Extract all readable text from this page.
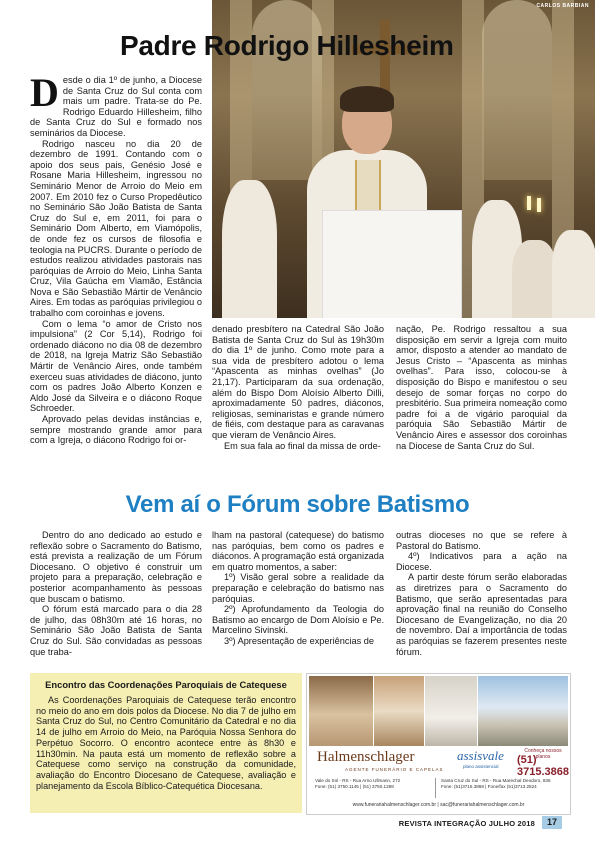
CARLOS BARBIAN
Padre Rodrigo Hillesheim
D esde o dia 1º de junho, a Diocese de Santa Cruz do Sul conta com mais um padre. Trata-se do Pe. Rodrigo Eduardo Hillesheim, filho de Santa Cruz do Sul e formado nos seminários da Diocese.

Rodrigo nasceu no dia 20 de dezembro de 1991. Contando com o apoio dos seus pais, Genésio José e Rosane Maria Hillesheim, ingressou no Seminário Menor de Arroio do Meio em 2007. Em 2010 fez o Curso Propedêutico no Seminário São João Batista de Santa Cruz do Sul e, em 2011, foi para o Seminário Dom Alberto, em Viamópolis, de onde fez os cursos de filosofia e teologia na PUCRS. Durante o período de estudos realizou atividades pastorais nas paróquias de Arroio do Meio, Linha Santa Cruz, Vila Gaúcha em Viamão, Estância Nova e São Sebastião Mártir de Venâncio Aires. Em todas as paróquias privilegiou o trabalho com coroinhas e jovens.

Com o lema “o amor de Cristo nos impulsiona” (2 Cor 5,14), Rodrigo foi ordenado diácono no dia 08 de dezembro de 2018, na Igreja Matriz São Sebastião Mártir de Venâncio Aires, onde também exerceu suas atividades de diácono, junto com os padres João Alberto Konzen e Aldo José da Silveira e o diácono Roque Schroeder.

Aprovado pelas devidas instâncias e, sempre mostrando grande amor para com a Igreja, o diácono Rodrigo foi or-

denado presbítero na Catedral São João Batista de Santa Cruz do Sul às 19h30m do dia 1º de junho. Como mote para a sua vida de presbítero adotou o lema “Apascenta as minhas ovelhas” (Jo 21,17). Participaram da sua ordenação, além do Bispo Dom Aloísio Alberto Dilli, aproximadamente 50 padres, diáconos, religiosas, seminaristas e grande número de fiéis, com destaque para as caravanas que vieram de Venâncio Aires.

Em sua fala ao final da missa de orde-

nação, Pe. Rodrigo ressaltou a sua disposição em servir a Igreja com muito amor, disposto a atender ao mandato de Jesus Cristo – “Apascenta as minhas ovelhas”. Para isso, colocou-se à disposição do Bispo e manifestou o seu desejo de somar forças no corpo do presbitério. Sua primeira nomeação como padre foi a de vigário paroquial da paróquia São Sebastião Mártir de Venâncio Aires e assessor dos coroinhas na Diocese de Santa Cruz do Sul.

Vem aí o Fórum sobre Batismo

Dentro do ano dedicado ao estudo e reflexão sobre o Sacramento do Batismo, está prevista a realização de um Fórum Diocesano. O objetivo é construir um projeto para a preparação, celebração e posterior acompanhamento às pessoas que buscam o batismo.

O fórum está marcado para o dia 28 de julho, das 08h30m até 16 horas, no Seminário São João Batista de Santa Cruz do Sul. São convidadas as pessoas que traba-

lham na pastoral (catequese) do batismo nas paróquias, bem como os padres e diáconos. A programação está organizada em quatro momentos, a saber:

1º) Visão geral sobre a realidade da preparação e celebração do batismo nas paróquias.

2º) Aprofundamento da Teologia do Batismo ao encargo de Dom Aloísio e Pe. Marcelino Sivinski.

3º) Apresentação de experiências de

outras dioceses no que se refere à Pastoral do Batismo.

4º) Indicativos para a ação na Diocese.

A partir deste fórum serão elaboradas as diretrizes para o Sacramento do Batismo, que serão apresentadas para aprovação final na reunião do Conselho Diocesano de Evangelização, no dia 20 de novembro. Daí a importância de todas as paróquias se fazerem presentes neste fórum.

Encontro das Coordenações Paroquiais de Catequese

As Coordenações Paroquiais de Catequese terão encontro no meio do ano em dois polos da Diocese. No dia 7 de julho em Santa Cruz do Sul, no Centro Comunitário da Catedral e no dia 14 de julho em Arroio do Meio, na Paróquia Nossa Senhora do Perpétuo Socorro. O encontro acontece entre às 8h30 e 11h30min. Na pauta está um momento de reflexão sobre a Catequese como serviço na construção da comunidade, avaliação do Encontro Diocesano de Catequese, avaliação e planejamento da Escola Bíblico-Catequética Diocesana.

Halmenschlager
AGENTE FUNERÁRIO E CAPELAS
assisvale
plano assistencial
Conheça nossos planos
(51) 3715.3868
Vale do Sol - RS - Rua Arno Ullmann, 272
Fone: (51) 3750.1145 | (51) 3750.1288
Santa Cruz do Sul - RS - Rua Marechal Deodoro, 836
Fone: (51)3715.3868 | Fone/fax (51)3713.2824
www.funerariahalmenschlager.com.br | sac@funerariahalmenschlager.com.br
REVISTA INTEGRAÇÃO JULHO 2018	17
